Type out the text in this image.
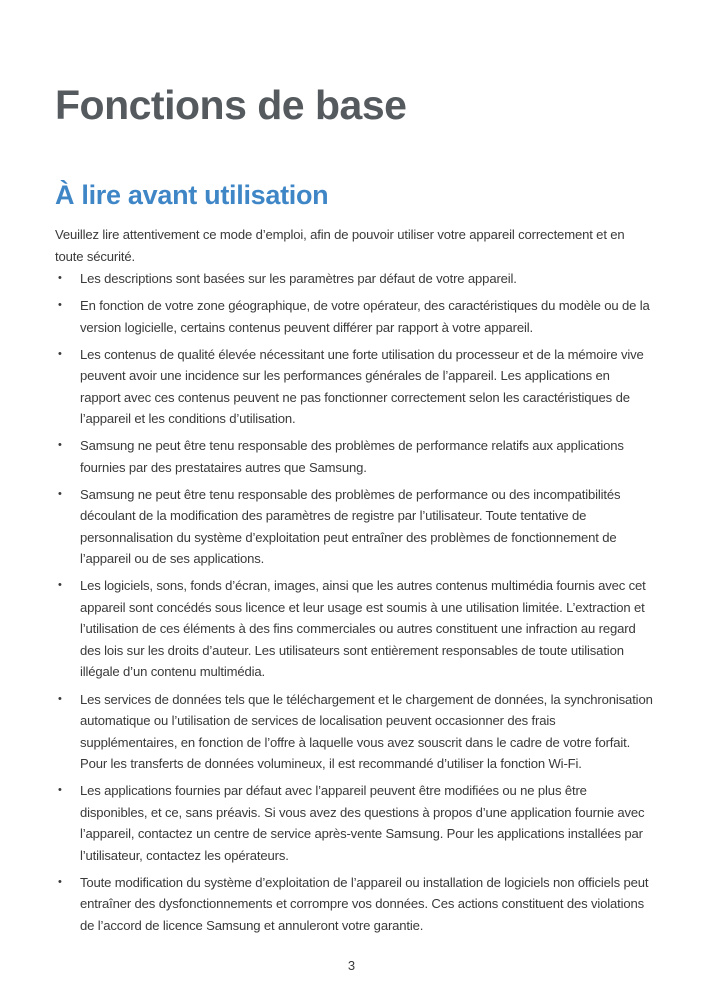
Fonctions de base
À lire avant utilisation

Veuillez lire attentivement ce mode d’emploi, afin de pouvoir utiliser votre appareil correctement et en toute sécurité.

• Les descriptions sont basées sur les paramètres par défaut de votre appareil.
• En fonction de votre zone géographique, de votre opérateur, des caractéristiques du modèle ou de la version logicielle, certains contenus peuvent différer par rapport à votre appareil.
• Les contenus de qualité élevée nécessitant une forte utilisation du processeur et de la mémoire vive peuvent avoir une incidence sur les performances générales de l’appareil. Les applications en rapport avec ces contenus peuvent ne pas fonctionner correctement selon les caractéristiques de l’appareil et les conditions d’utilisation.
• Samsung ne peut être tenu responsable des problèmes de performance relatifs aux applications fournies par des prestataires autres que Samsung.
• Samsung ne peut être tenu responsable des problèmes de performance ou des incompatibilités découlant de la modification des paramètres de registre par l’utilisateur. Toute tentative de personnalisation du système d’exploitation peut entraîner des problèmes de fonctionnement de l’appareil ou de ses applications.
• Les logiciels, sons, fonds d’écran, images, ainsi que les autres contenus multimédia fournis avec cet appareil sont concédés sous licence et leur usage est soumis à une utilisation limitée. L’extraction et l’utilisation de ces éléments à des fins commerciales ou autres constituent une infraction au regard des lois sur les droits d’auteur. Les utilisateurs sont entièrement responsables de toute utilisation illégale d’un contenu multimédia.
• Les services de données tels que le téléchargement et le chargement de données, la synchronisation automatique ou l’utilisation de services de localisation peuvent occasionner des frais supplémentaires, en fonction de l’offre à laquelle vous avez souscrit dans le cadre de votre forfait. Pour les transferts de données volumineux, il est recommandé d’utiliser la fonction Wi-Fi.
• Les applications fournies par défaut avec l’appareil peuvent être modifiées ou ne plus être disponibles, et ce, sans préavis. Si vous avez des questions à propos d’une application fournie avec l’appareil, contactez un centre de service après-vente Samsung. Pour les applications installées par l’utilisateur, contactez les opérateurs.
• Toute modification du système d’exploitation de l’appareil ou installation de logiciels non officiels peut entraîner des dysfonctionnements et corrompre vos données. Ces actions constituent des violations de l’accord de licence Samsung et annuleront votre garantie.
3
